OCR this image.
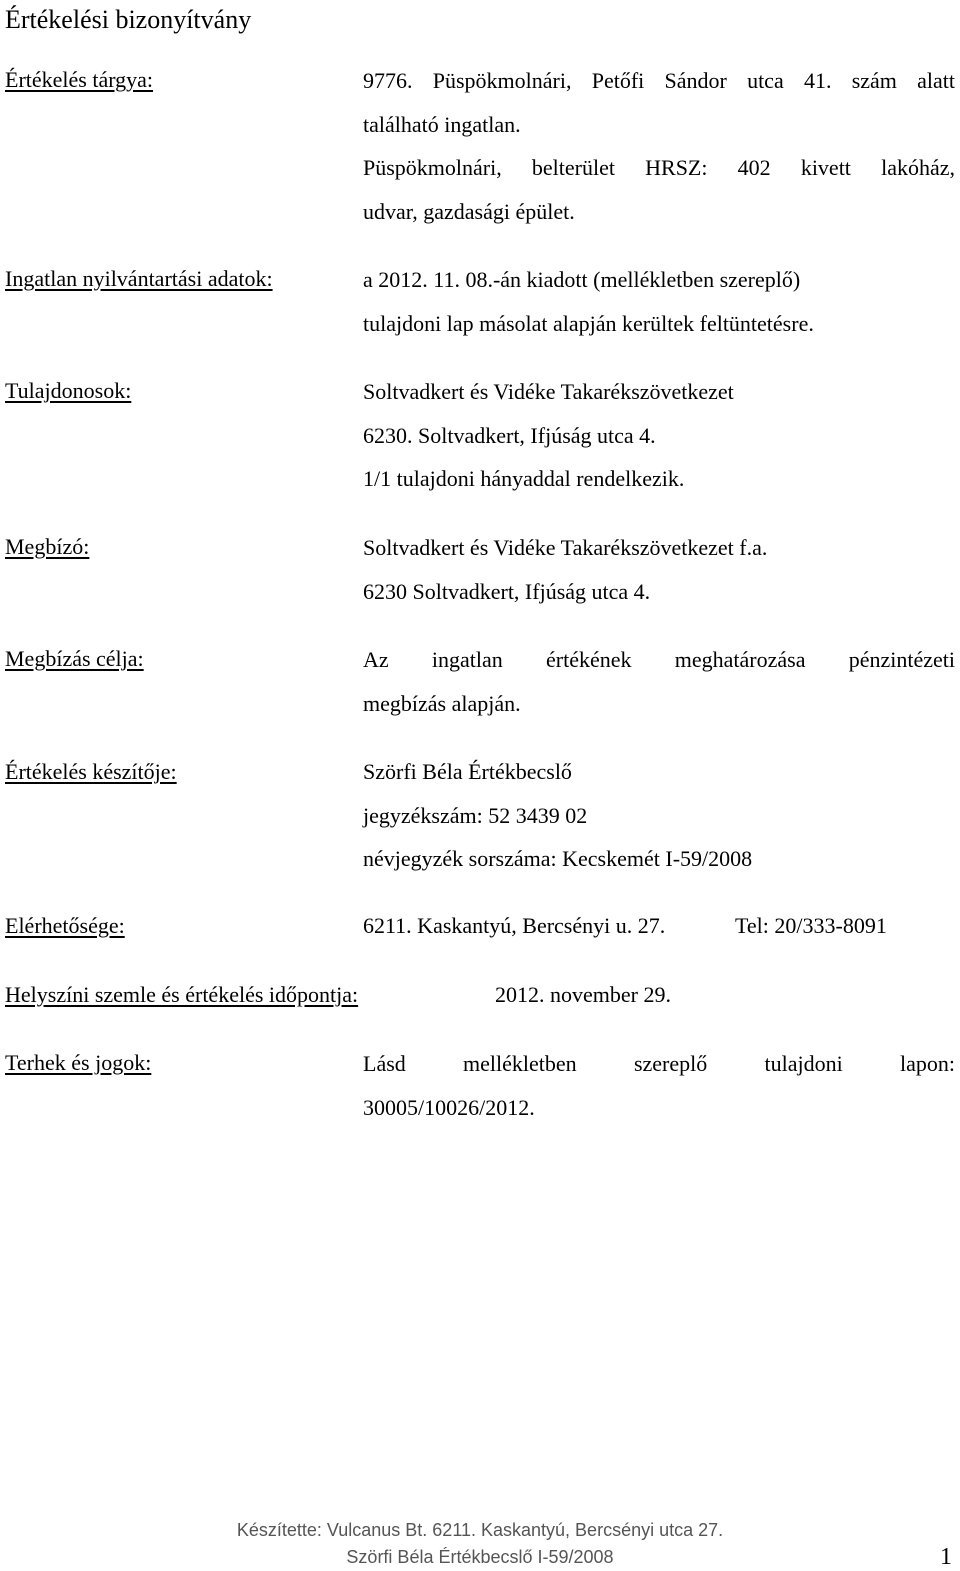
Értékelési bizonyítvány
Értékelés tárgya:	9776. Püspökmolnári, Petőfi Sándor utca 41. szám alatt
található ingatlan.
Püspökmolnári, belterület HRSZ: 402 kivett lakóház,
udvar, gazdasági épület.
Ingatlan nyilvántartási adatok:	a 2012. 11. 08.-án kiadott (mellékletben szereplő)
tulajdoni lap másolat alapján kerültek feltüntetésre.
Tulajdonosok:	Soltvadkert és Vidéke Takarékszövetkezet
6230. Soltvadkert, Ifjúság utca 4.
1/1 tulajdoni hányaddal rendelkezik.
Megbízó:	Soltvadkert és Vidéke Takarékszövetkezet f.a.
6230 Soltvadkert, Ifjúság utca 4.
Megbízás célja:	Az ingatlan értékének meghatározása pénzintézeti
megbízás alapján.
Értékelés készítője:	Szörfi Béla Értékbecslő
jegyzékszám: 52 3439 02
névjegyzék sorszáma: Kecskemét I-59/2008
Elérhetősége:	6211. Kaskantyú, Bercsényi u. 27.	Tel: 20/333-8091
Helyszíni szemle és értékelés időpontja:	2012. november 29.
Terhek és jogok:	Lásd mellékletben szereplő tulajdoni lapon:
30005/10026/2012.
Készítette: Vulcanus Bt. 6211. Kaskantyú, Bercsényi utca 27.
Szörfi Béla Értékbecslő I-59/2008	1
